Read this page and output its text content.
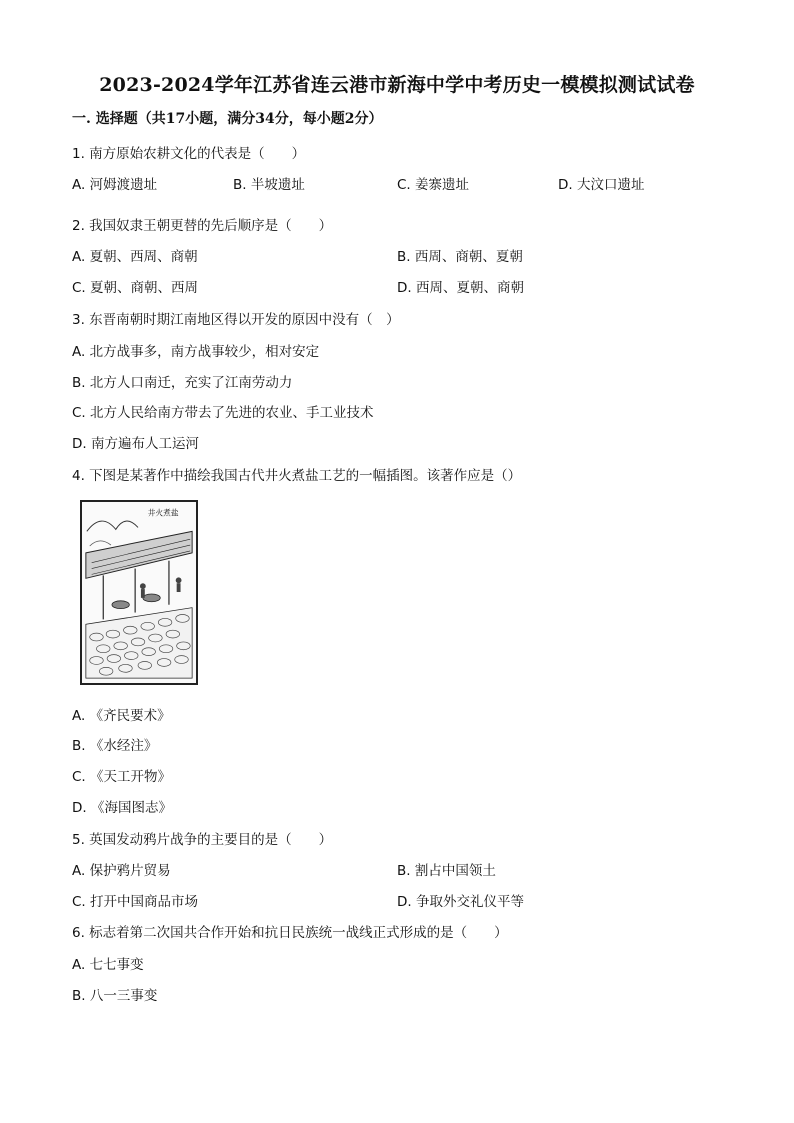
2023-2024学年江苏省连云港市新海中学中考历史一模模拟测试试卷
一. 选择题（共17小题，满分34分，每小题2分）
1. 南方原始农耕文化的代表是（　　）
A. 河姆渡遗址	B. 半坡遗址	C. 姜寨遗址	D. 大汶口遗址
2. 我国奴隶王朝更替的先后顺序是（　　）
A. 夏朝、西周、商朝	B. 西周、商朝、夏朝
C. 夏朝、商朝、西周	D. 西周、夏朝、商朝
3. 东晋南朝时期江南地区得以开发的原因中没有（　）
A. 北方战事多，南方战事较少，相对安定
B. 北方人口南迁，充实了江南劳动力
C. 北方人民给南方带去了先进的农业、手工业技术
D. 南方遍布人工运河
4. 下图是某著作中描绘我国古代井火煮盐工艺的一幅插图。该著作应是（）
井火煮盐
A. 《齐民要术》
B. 《水经注》
C. 《天工开物》
D. 《海国图志》
5. 英国发动鸦片战争的主要目的是（　　）
A. 保护鸦片贸易	B. 割占中国领土
C. 打开中国商品市场	D. 争取外交礼仪平等
6. 标志着第二次国共合作开始和抗日民族统一战线正式形成的是（　　）
A. 七七事变
B. 八一三事变
